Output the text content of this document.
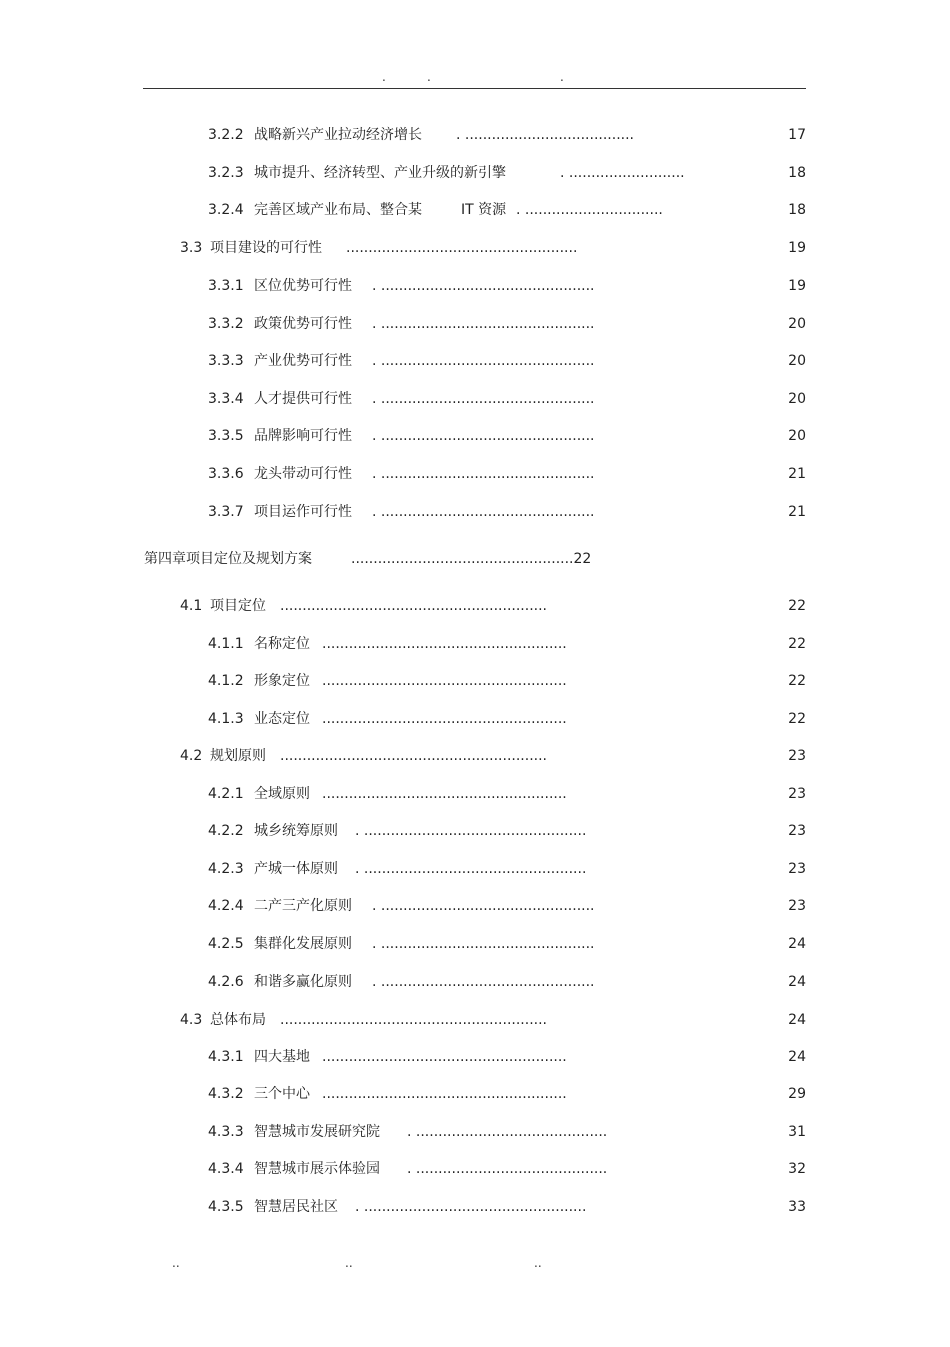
.	.	.
3.2.2 战略新兴产业拉动经济增长 . ......................................	17
3.2.3 城市提升、经济转型、产业升级的新引擎	. ..........................	18
3.2.4 完善区域产业布局、整合某	IT 资源 . ...............................	18
3.3 项目建设的可行性 ....................................................	19
3.3.1 区位优势可行性 . ................................................	19
3.3.2 政策优势可行性 . ................................................	20
3.3.3 产业优势可行性 . ................................................	20
3.3.4 人才提供可行性 . ................................................	20
3.3.5 品牌影响可行性 . ................................................	20
3.3.6 龙头带动可行性 . ................................................	21
3.3.7 项目运作可行性 . ................................................	21
第四章项目定位及规划方案	..................................................22
4.1 项目定位 ............................................................	22
4.1.1 名称定位 .......................................................	22
4.1.2 形象定位 .......................................................	22
4.1.3 业态定位 .......................................................	22
4.2 规划原则 ............................................................	23
4.2.1 全域原则 .......................................................	23
4.2.2 城乡统筹原则 . ..................................................	23
4.2.3 产城一体原则 . ..................................................	23
4.2.4 二产三产化原则 . ................................................	23
4.2.5 集群化发展原则 . ................................................	24
4.2.6 和谐多赢化原则 . ................................................	24
4.3 总体布局 ............................................................	24
4.3.1 四大基地 .......................................................	24
4.3.2 三个中心 .......................................................	29
4.3.3 智慧城市发展研究院 . ...........................................	31
4.3.4 智慧城市展示体验园 . ...........................................	32
4.3.5 智慧居民社区 . ..................................................	33
..	..	..
